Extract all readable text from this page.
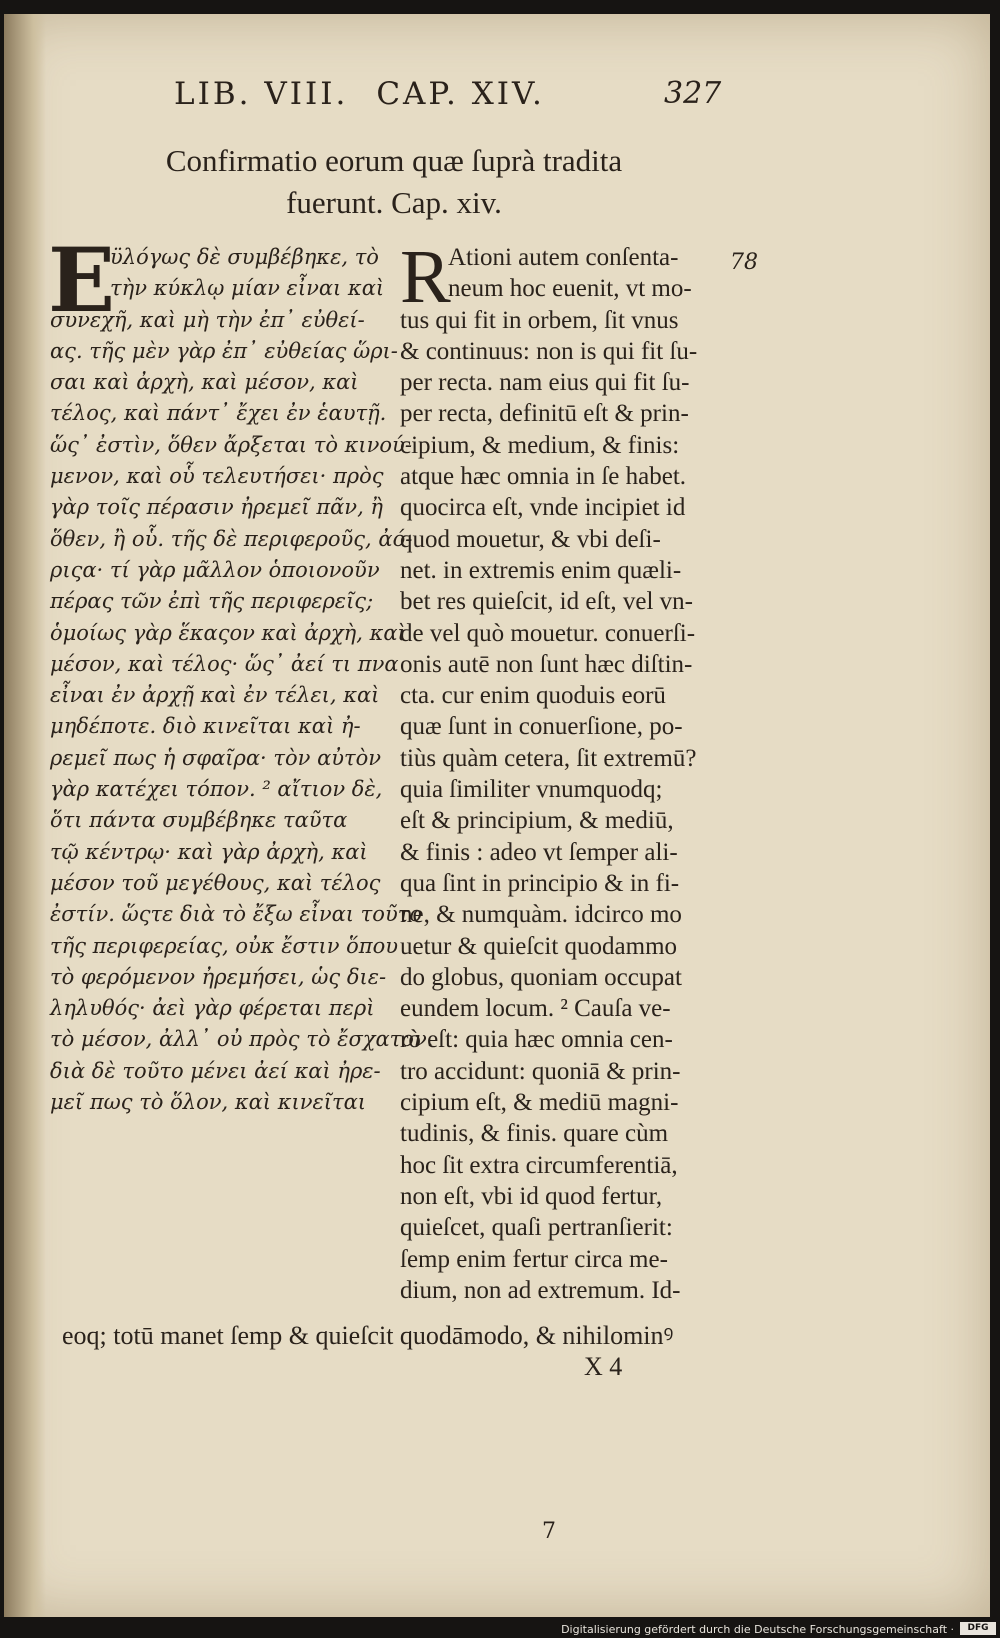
LIB. VIII. CAP. XIV.	327
Confirmatio eorum quæ ſuprà tradita
fuerunt. Cap. xiv.
E
ϋλόγως δὲ συμβέβηκε, τὸ
τὴν κύκλῳ μίαν εἶναι καὶ
συνεχῆ, καὶ μὴ τὴν ἐπ᾽ εὐθεί-
ας. τῆς μὲν γὰρ ἐπ᾽ εὐθείας ὥρι-
σαι καὶ ἀρχὴ, καὶ μέσον, καὶ
τέλος, καὶ πάντ᾽ ἔχει ἐν ἑαυτῇ.
ὥς᾽ ἐστὶν, ὅθεν ἄρξεται τὸ κινού-
μενον, καὶ οὗ τελευτήσει· πρὸς
γὰρ τοῖς πέρασιν ἠρεμεῖ πᾶν, ἢ
ὅθεν, ἢ οὗ. τῆς δὲ περιφεροῦς, ἀό-
ριςα· τί γὰρ μᾶλλον ὁποιονοῦν
πέρας τῶν ἐπὶ τῆς περιφερεῖς;
ὁμοίως γὰρ ἕκαςον καὶ ἀρχὴ, καὶ
μέσον, καὶ τέλος· ὥς᾽ ἀεί τι πνα
εἶναι ἐν ἀρχῇ καὶ ἐν τέλει, καὶ
μηδέποτε. διὸ κινεῖται καὶ ἠ-
ρεμεῖ πως ἡ σφαῖρα· τὸν αὐτὸν
γὰρ κατέχει τόπον. ² αἴτιον δὲ,
ὅτι πάντα συμβέβηκε ταῦτα
τῷ κέντρῳ· καὶ γὰρ ἀρχὴ, καὶ
μέσον τοῦ μεγέθους, καὶ τέλος
ἐστίν. ὥςτε διὰ τὸ ἔξω εἶναι τοῦτο
τῆς περιφερείας, οὐκ ἔστιν ὅπου
τὸ φερόμενον ἠρεμήσει, ὡς διε-
ληλυθός· ἀεὶ γὰρ φέρεται περὶ
τὸ μέσον, ἀλλ᾽ οὐ πρὸς τὸ ἔσχατον.
διὰ δὲ τοῦτο μένει ἀεί καὶ ἠρε-
μεῖ πως τὸ ὅλον, καὶ κινεῖται
R
Ationi autem conſenta-
neum hoc euenit, vt mo-
tus qui fit in orbem, ſit vnus
& continuus: non is qui fit ſu-
per recta. nam eius qui fit ſu-
per recta, definitū eſt & prin-
cipium, & medium, & finis:
atque hæc omnia in ſe habet.
quocirca eſt, vnde incipiet id
quod mouetur, & vbi deſi-
net. in extremis enim quæli-
bet res quieſcit, id eſt, vel vn-
de vel quò mouetur. conuerſi-
onis autē non ſunt hæc diſtin-
cta. cur enim quoduis eorū
quæ ſunt in conuerſione, po-
tiùs quàm cetera, ſit extremū?
quia ſimiliter vnumquodq;
eſt & principium, & mediū,
& finis : adeo vt ſemper ali-
qua ſint in principio & in fi-
ne, & numquàm. idcirco mo
uetur & quieſcit quodammo
do globus, quoniam occupat
eundem locum. ² Cauſa ve-
rò eſt: quia hæc omnia cen-
tro accidunt: quoniā & prin-
cipium eſt, & mediū magni-
tudinis, & finis. quare cùm
hoc ſit extra circumferentiā,
non eſt, vbi id quod fertur,
quieſcet, quaſi pertranſierit:
ſemp enim fertur circa me-
dium, non ad extremum. Id-
78
eoq; totū manet ſemp & quieſcit quodāmodo, & nihilominꝰ
X 4
7
Digitalisierung gefördert durch die Deutsche Forschungsgemeinschaft ·	DFG
